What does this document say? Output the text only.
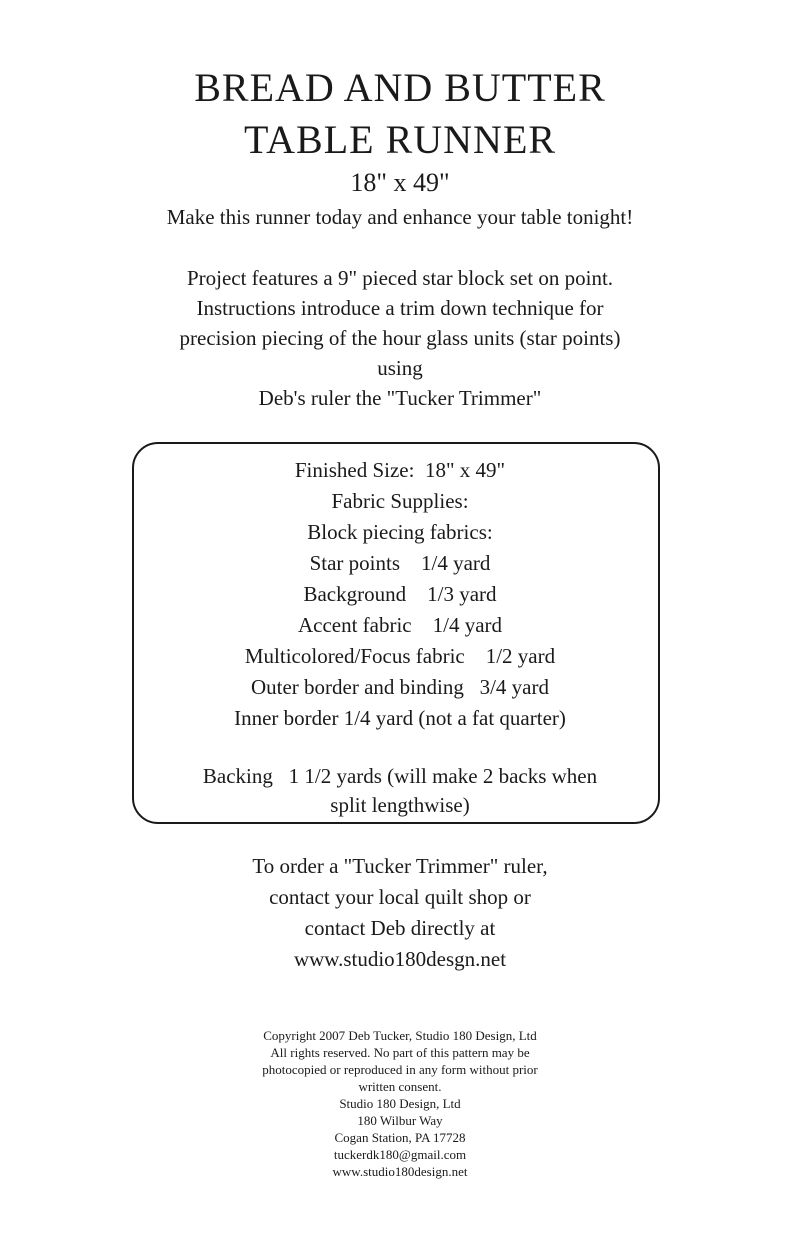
BREAD AND BUTTER
TABLE RUNNER
18" x 49"
Make this runner today and enhance your table tonight!
Project features a 9" pieced star block set on point.
Instructions introduce a trim down technique for
precision piecing of the hour glass units (star points)
using
Deb's ruler the "Tucker Trimmer"
Finished Size:  18" x 49"
Fabric Supplies:
Block piecing fabrics:
Star points    1/4 yard
Background    1/3 yard
Accent fabric    1/4 yard
Multicolored/Focus fabric    1/2 yard
Outer border and binding   3/4 yard
Inner border 1/4 yard (not a fat quarter)
Backing   1 1/2 yards (will make 2 backs when
split lengthwise)
To order a "Tucker Trimmer" ruler,
contact your local quilt shop or
contact Deb directly at
www.studio180desgn.net
Copyright 2007 Deb Tucker, Studio 180 Design, Ltd
All rights reserved. No part of this pattern may be
photocopied or reproduced in any form without prior
written consent.
Studio 180 Design, Ltd
180 Wilbur Way
Cogan Station, PA 17728
tuckerdk180@gmail.com
www.studio180design.net
